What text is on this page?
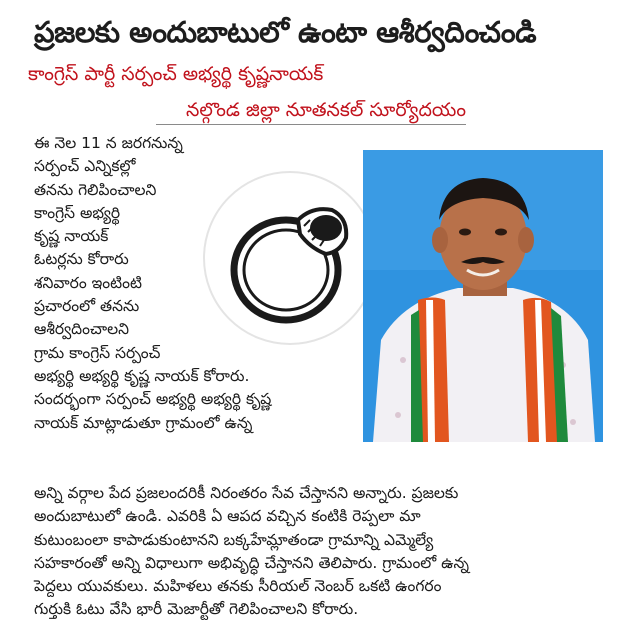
ప్రజలకు అందుబాటులో ఉంటా ఆశీర్వదించండి
కాంగ్రెస్ పార్టీ సర్పంచ్ అభ్యర్థి కృష్ణనాయక్
నల్గొండ జిల్లా నూతనకల్ సూర్యోదయం
ఈ నెల 11 న జరగనున్న
సర్పంచ్ ఎన్నికల్లో
తనను గెలిపించాలని
కాంగ్రెస్ అభ్యర్థి
కృష్ణ నాయక్
ఓటర్లను కోరారు
శనివారం ఇంటింటి
ప్రచారంలో తనను
ఆశీర్వదించాలని
గ్రామ కాంగ్రెస్ సర్పంచ్
అభ్యర్థి అభ్యర్థి కృష్ణ నాయక్ కోరారు.
సందర్భంగా సర్పంచ్ అభ్యర్థి అభ్యర్థి కృష్ణ
నాయక్ మాట్లాడుతూ గ్రామంలో ఉన్న
అన్ని వర్గాల పేద ప్రజలందరికీ నిరంతరం సేవ చేస్తానని అన్నారు. ప్రజలకు
అందుబాటులో ఉండి. ఎవరికి ఏ ఆపద వచ్చిన కంటికి రెప్పలా మా
కుటుంబంలా కాపాడుకుంటానని బక్కహేమ్లాతండా గ్రామాన్ని ఎమ్మెల్యే
సహకారంతో అన్ని విధాలుగా అభివృద్ధి చేస్తానని తెలిపారు. గ్రామంలో ఉన్న
పెద్దలు యువకులు. మహిళలు తనకు సీరియల్ నెంబర్ ఒకటి ఉంగరం
గుర్తుకి ఓటు వేసి భారీ మెజార్టీతో గెలిపించాలని కోరారు.
